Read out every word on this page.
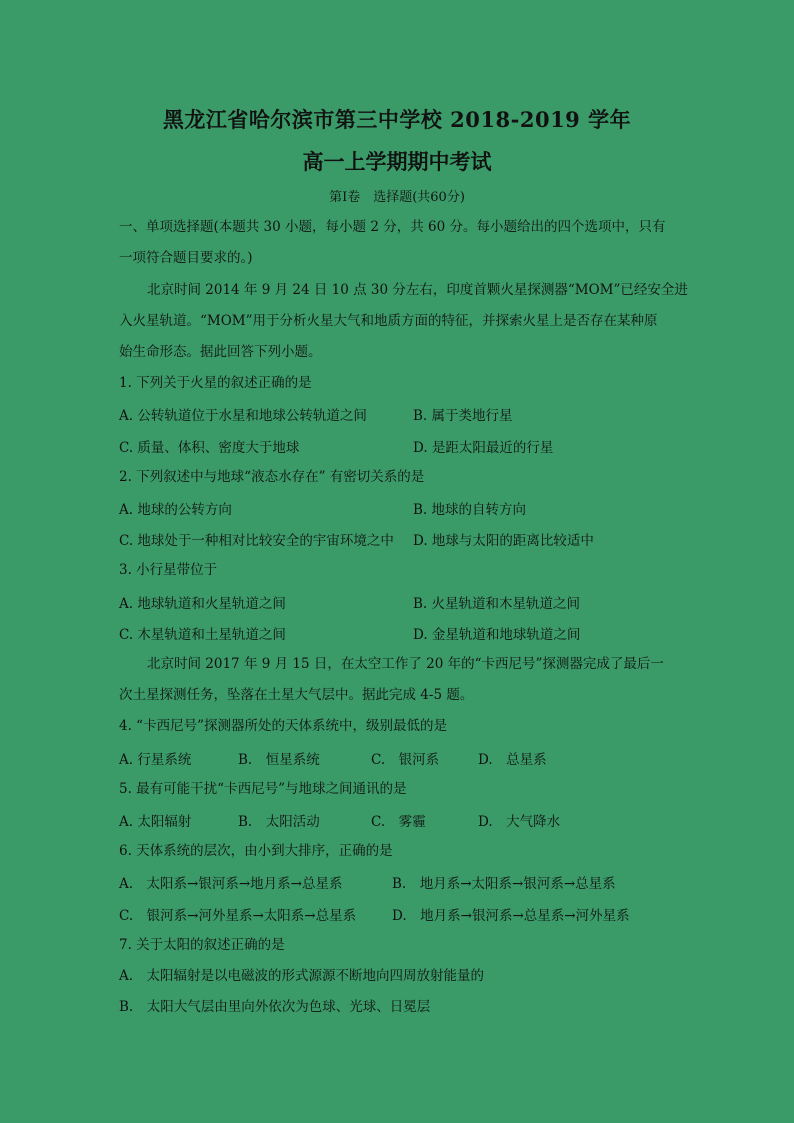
黑龙江省哈尔滨市第三中学校 2018-2019 学年
高一上学期期中考试
第Ⅰ卷　选择题(共60分)
一、单项选择题(本题共 30 小题，每小题 2 分，共 60 分。每小题给出的四个选项中，只有
一项符合题目要求的。)
北京时间 2014 年 9 月 24 日 10 点 30 分左右，印度首颗火星探测器“MOM”已经安全进
入火星轨道。“MOM”用于分析火星大气和地质方面的特征，并探索火星上是否存在某种原
始生命形态。据此回答下列小题。
1. 下列关于火星的叙述正确的是
A. 公转轨道位于水星和地球公转轨道之间	B. 属于类地行星
C. 质量、体积、密度大于地球	D. 是距太阳最近的行星
2. 下列叙述中与地球“液态水存在” 有密切关系的是
A. 地球的公转方向	B. 地球的自转方向
C. 地球处于一种相对比较安全的宇宙环境之中 D. 地球与太阳的距离比较适中
3. 小行星带位于
A. 地球轨道和火星轨道之间	B. 火星轨道和木星轨道之间
C. 木星轨道和土星轨道之间	D. 金星轨道和地球轨道之间
北京时间 2017 年 9 月 15 日，在太空工作了 20 年的“卡西尼号”探测器完成了最后一
次土星探测任务，坠落在土星大气层中。据此完成 4-5 题。
4. “卡西尼号”探测器所处的天体系统中，级别最低的是
A. 行星系统	B.　恒星系统	C.　银河系	D.　总星系
5. 最有可能干扰“卡西尼号”与地球之间通讯的是
A. 太阳辐射	B.　太阳活动	C.　雾霾	D.　大气降水
6. 天体系统的层次，由小到大排序，正确的是
A.　太阳系→银河系→地月系→总星系	B.　地月系→太阳系→银河系→总星系
C.　银河系→河外星系→太阳系→总星系	D.　地月系→银河系→总星系→河外星系
7. 关于太阳的叙述正确的是
A.　太阳辐射是以电磁波的形式源源不断地向四周放射能量的
B.　太阳大气层由里向外依次为色球、光球、日冕层
